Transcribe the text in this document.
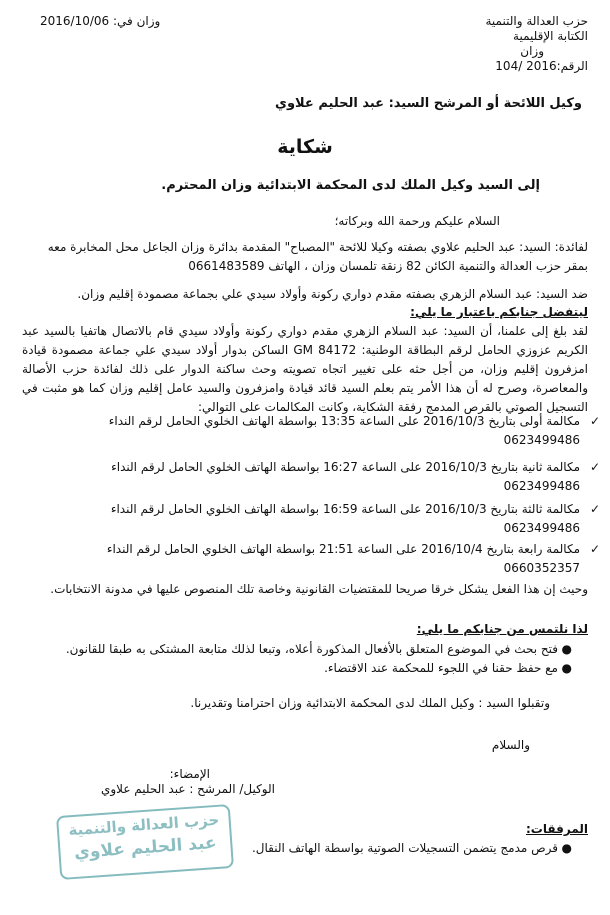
حزب العدالة والتنمية
الكتابة الإقليمية
وزان
الرقم:2016 /104
وزان في: 2016/10/06
وكيل اللائحة أو المرشح السيد: عبد الحليم علاوي
شكاية
إلى السيد وكيل الملك لدى المحكمة الابتدائية وزان المحترم.
السلام عليكم ورحمة الله وبركاته؛
لفائدة: السيد: عبد الحليم علاوي بصفته وكيلا للائحة "المصباح" المقدمة بدائرة وزان الجاعل محل المخابرة معه بمقر حزب العدالة والتنمية الكائن 82 زنقة تلمسان وزان ، الهاتف 0661483589
ضد السيد: عبد السلام الزهري بصفته مقدم دواري ركونة وأولاد سيدي علي بجماعة مصمودة إقليم وزان.
ليتفضل جنابكم باعتبار ما يلي:
لقد بلغ إلى علمنا، أن السيد: عبد السلام الزهري مقدم دواري ركونة وأولاد سيدي قام بالاتصال هاتفيا بالسيد عبد الكريم عزوزي الحامل لرقم البطاقة الوطنية: GM 84172 الساكن بدوار أولاد سيدي علي جماعة مصمودة قيادة امزفرون إقليم وزان، من أجل حثه على تغيير اتجاه تصويته وحث ساكنة الدوار على ذلك لفائدة حزب الأصالة والمعاصرة، وصرح له أن هذا الأمر يتم بعلم السيد قائد قيادة وامزفرون والسيد عامل إقليم وزان كما هو مثبت في التسجيل الصوتي بالقرص المدمج رفقة الشكاية، وكانت المكالمات على التوالي:
✓
مكالمة أولى بتاريخ 2016/10/3 على الساعة 13:35 بواسطة الهاتف الخلوي الحامل لرقم النداء
0623499486
✓
مكالمة ثانية بتاريخ 2016/10/3 على الساعة 16:27 بواسطة الهاتف الخلوي الحامل لرقم النداء
0623499486
✓
مكالمة ثالثة بتاريخ 2016/10/3 على الساعة 16:59 بواسطة الهاتف الخلوي الحامل لرقم النداء
0623499486
✓
مكالمة رابعة بتاريخ 2016/10/4 على الساعة 21:51 بواسطة الهاتف الخلوي الحامل لرقم النداء
0660352357
وحيث إن هذا الفعل يشكل خرقا صريحا للمقتضيات القانونية وخاصة تلك المنصوص عليها في مدونة الانتخابات.
لذا نلتمس من جنابكم ما يلي:
●
فتح بحث في الموضوع المتعلق بالأفعال المذكورة أعلاه، وتبعا لذلك متابعة المشتكى به طبقا للقانون.
●
مع حفظ حقنا في اللجوء للمحكمة عند الاقتضاء.
وتقبلوا السيد : وكيل الملك لدى المحكمة الابتدائية وزان احترامنا وتقديرنا.
والسلام
الإمضاء:
الوكيل/ المرشح : عبد الحليم علاوي
حزب العدالة والتنمية
عبد الحليم علاوي
المرفقات:
●
قرص مدمج يتضمن التسجيلات الصوتية بواسطة الهاتف النقال.
